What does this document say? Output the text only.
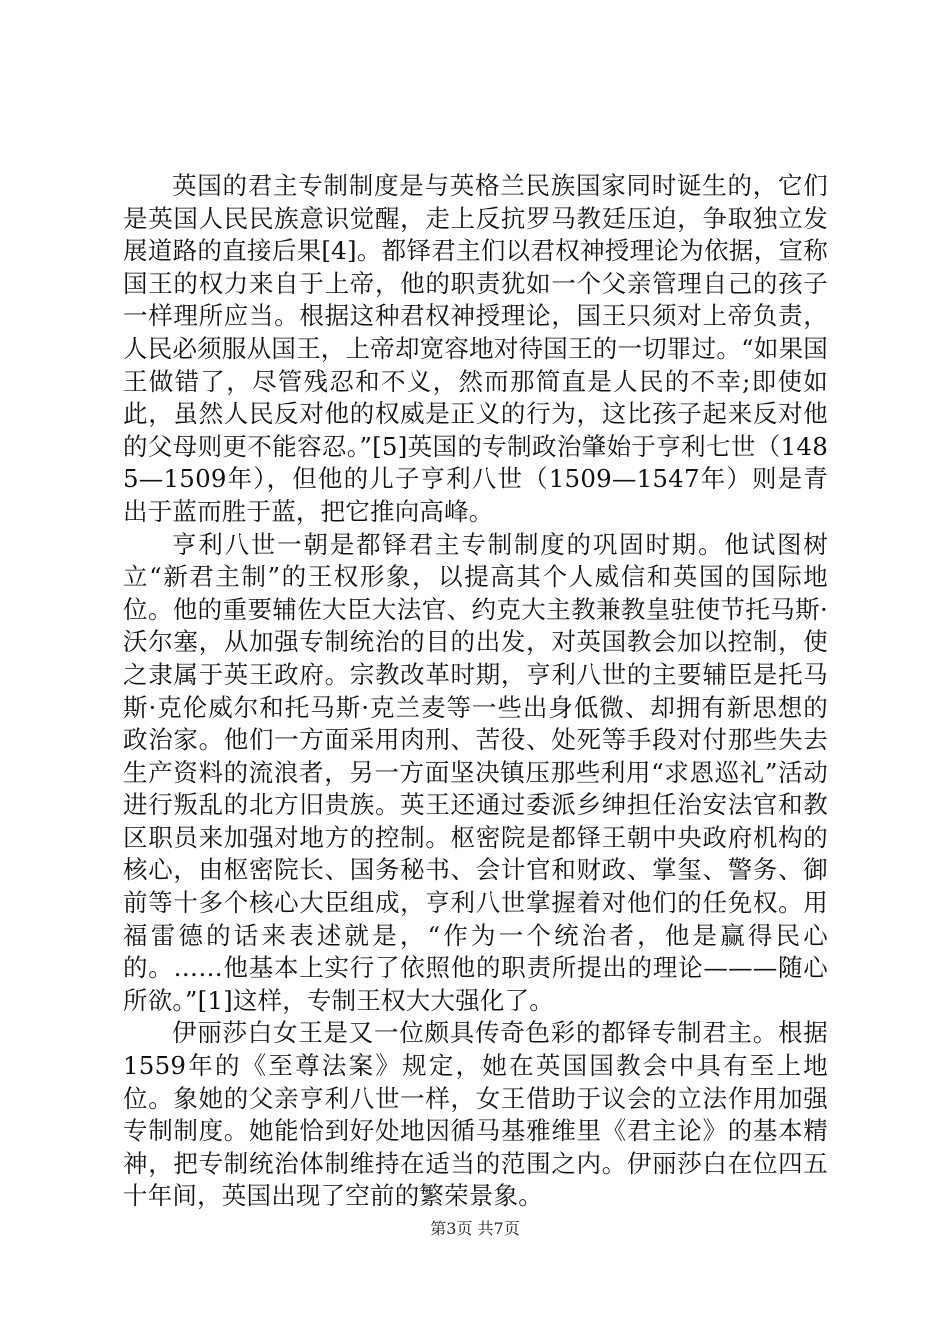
英国的君主专制制度是与英格兰民族国家同时诞生的，它们是英国人民民族意识觉醒，走上反抗罗马教廷压迫，争取独立发展道路的直接后果[4]。都铎君主们以君权神授理论为依据，宣称国王的权力来自于上帝，他的职责犹如一个父亲管理自己的孩子一样理所应当。根据这种君权神授理论，国王只须对上帝负责，人民必须服从国王，上帝却宽容地对待国王的一切罪过。“如果国王做错了，尽管残忍和不义，然而那简直是人民的不幸;即使如此，虽然人民反对他的权威是正义的行为，这比孩子起来反对他的父母则更不能容忍。”[5]英国的专制政治肇始于亨利七世（1485—1509年），但他的儿子亨利八世（1509—1547年）则是青出于蓝而胜于蓝，把它推向高峰。

亨利八世一朝是都铎君主专制制度的巩固时期。他试图树立“新君主制”的王权形象，以提高其个人威信和英国的国际地位。他的重要辅佐大臣大法官、约克大主教兼教皇驻使节托马斯·沃尔塞，从加强专制统治的目的出发，对英国教会加以控制，使之隶属于英王政府。宗教改革时期，亨利八世的主要辅臣是托马斯·克伦威尔和托马斯·克兰麦等一些出身低微、却拥有新思想的政治家。他们一方面采用肉刑、苦役、处死等手段对付那些失去生产资料的流浪者，另一方面坚决镇压那些利用“求恩巡礼”活动进行叛乱的北方旧贵族。英王还通过委派乡绅担任治安法官和教区职员来加强对地方的控制。枢密院是都铎王朝中央政府机构的核心，由枢密院长、国务秘书、会计官和财政、掌玺、警务、御前等十多个核心大臣组成，亨利八世掌握着对他们的任免权。用福雷德的话来表述就是，“作为一个统治者，他是赢得民心的。……他基本上实行了依照他的职责所提出的理论———随心所欲。”[1]这样，专制王权大大强化了。

伊丽莎白女王是又一位颇具传奇色彩的都铎专制君主。根据1559年的《至尊法案》规定，她在英国国教会中具有至上地位。象她的父亲亨利八世一样，女王借助于议会的立法作用加强专制制度。她能恰到好处地因循马基雅维里《君主论》的基本精神，把专制统治体制维持在适当的范围之内。伊丽莎白在位四五十年间，英国出现了空前的繁荣景象。

第3页 共7页
